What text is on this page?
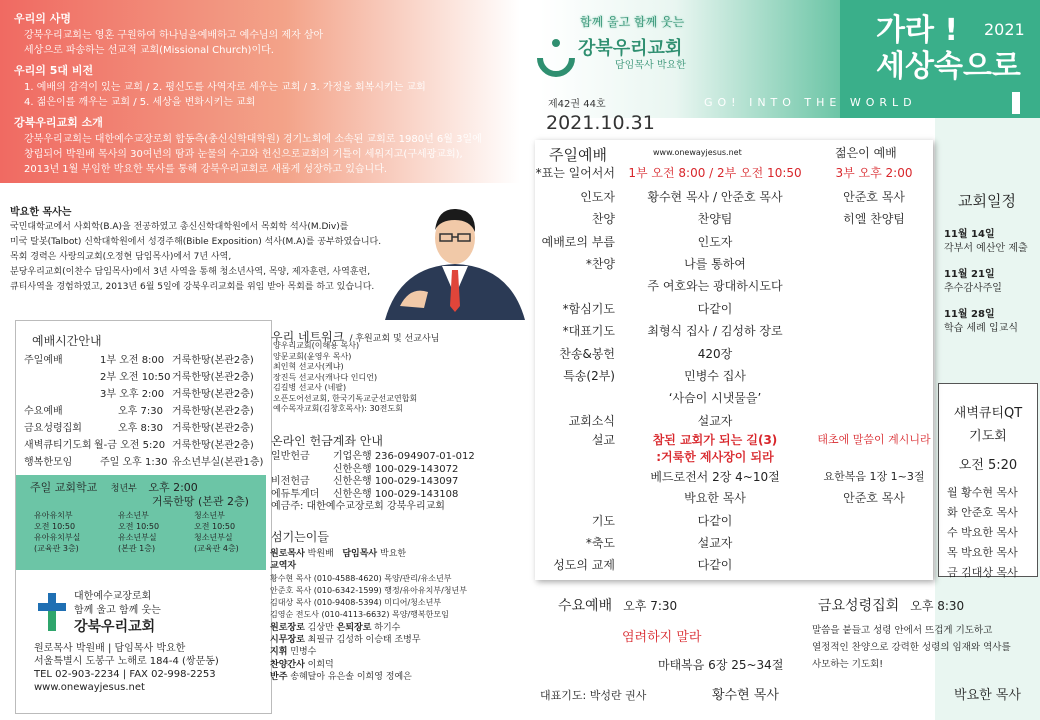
우리의 사명
강북우리교회는 영혼 구원하여 하나님을예배하고 예수님의 제자 삼아
세상으로 파송하는 선교적 교회(Missional Church)이다.
우리의 5대 비전
1. 예배의 감격이 있는 교회 / 2. 평신도를 사역자로 세우는 교회 / 3. 가정을 회복시키는 교회
4. 젊은이를 깨우는 교회 / 5. 세상을 변화시키는 교회
강북우리교회 소개
강북우리교회는 대한예수교장로회 합동측(총신신학대학원) 경기노회에 소속된 교회로 1980년 6월 3일에
창립되어 박원배 목사의 30여년의 땀과 눈물의 수고와 헌신으로교회의 기틀이 세워지고(구세광교회),
2013년 1월 부임한 박요한 목사를 통해 강북우리교회로 새롭게 성장하고 있습니다.
박요한 목사는
국민대학교에서 사회학(B.A)을 전공하였고 총신신학대학원에서 목회학 석사(M.Div)를
미국 탈봇(Talbot) 신학대학원에서 성경주해(Bible Exposition) 석사(M.A)를 공부하였습니다.
목회 경력은 사랑의교회(오정현 담임목사)에서 7년 사역,
분당우리교회(이찬수 담임목사)에서 3년 사역을 통해 청소년사역, 목양, 제자훈련, 사역훈련,
큐티사역을 경험하였고, 2013년 6월 5일에 강북우리교회를 위임 받아 목회를 하고 있습니다.
함께 울고 함께 웃는
강북우리교회
담임목사 박요한
제42권 44호
2021.10.31
가라 !
세상속으로
2021
GO! INTO THE WORLD
교회일정
11월 14일
각부서 예산안 제출
11월 21일
추수감사주일
11월 28일
학습 세례 입교식
새벽큐티QT
기도회
오전 5:20
월 황수현 목사
화 안준호 목사
수 박요한 목사
목 박요한 목사
금 김대상 목사
주일예배	www.onewayjesus.net	젊은이 예배
*표는 일어서서	1부 오전 8:00 / 2부 오전 10:50	3부 오후 2:00
인도자	황수현 목사 / 안준호 목사	안준호 목사
찬양	찬양팀	히엘 찬양팀
예배로의 부름	인도자
*찬양	나를 통하여
주 여호와는 광대하시도다
*함심기도	다같이
*대표기도	최형식 집사 / 김성하 장로
찬송&봉헌	420장
특송(2부)	민병수 집사
‘사슴이 시냇물을’
교회소식	설교자
설교	참된 교회가 되는 길(3)	태초에 말씀이 계시니라
:거룩한 제사장이 되라
베드로전서 2장 4~10절	요한복음 1장 1~3절
박요한 목사	안준호 목사
기도	다같이
*축도	설교자
성도의 교제	다같이
수요예배 오후 7:30
염려하지 말라
마태복음 6장 25~34절
대표기도: 박성란 권사	황수현 목사
금요성령집회 오후 8:30
말씀을 붙들고 성령 안에서 뜨겁게 기도하고
열정적인 찬양으로 강력한 성령의 임재와 역사를
사모하는 기도회!
박요한 목사
예배시간안내
주일예배	1부 오전 8:00 거룩한땅(본관2층)
2부 오전 10:50 거룩한땅(본관2층)
3부 오후 2:00 거룩한땅(본관2층)
수요예배	오후 7:30 거룩한땅(본관2층)
금요성령집회	오후 8:30 거룩한땅(본관2층)
새벽큐티기도회 월-금 오전 5:20 거룩한땅(본관2층)
행복한모임	주일 오후 1:30 유소년부실(본관1층)
주일 교회학교 청년부 오후 2:00
거룩한땅 (본관 2층)
유아유치부
오전 10:50
유아유치부실
(교육관 3층)
유소년부
오전 10:50
유소년부실
(본관 1층)
청소년부
오전 10:50
청소년부실
(교육관 4층)
대한예수교장로회
함께 울고 함께 웃는
강북우리교회
원로목사 박원배 | 담임목사 박요한
서울특별시 도봉구 노해로 184-4 (쌍문동)
TEL 02-903-2234 | FAX 02-998-2253
www.onewayjesus.net
우리 네트워크 / 후원교회 및 선교사님
양우리교회(이해용 목사)
양문교회(윤영우 목사)
최인혁 선교사(케냐)
장진득 선교사(캐나다 인디언)
김길병 선교사 (네팔)
오픈도어선교회, 한국기독교군선교연합회
예수목자교회(김창호목사): 30전도회
온라인 헌금계좌 안내
일반헌금 기업은행 236-094907-01-012
신한은행 100-029-143072
비전헌금 신한은행 100-029-143097
에듀투게더 신한은행 100-029-143108
예금주: 대한예수교장로회 강북우리교회
섬기는이들
원로목사 박원배 담임목사 박요한
교역자
황수현 목사 (010-4588-4620) 목양/관리/유소년부
안준호 목사 (010-6342-1599) 행정/유아유치부/청년부
김대상 목사 (010-9408-5394) 미디어/청소년부
김영순 전도사 (010-4113-6632) 목양/행복한모임
원로장로 김상만 은퇴장로 하기수
시무장로 최필규 김성하 이승태 조병무
지휘 민병수
찬양간사 이희덕
반주 송혜달아 유은솔 이희영 정예은
